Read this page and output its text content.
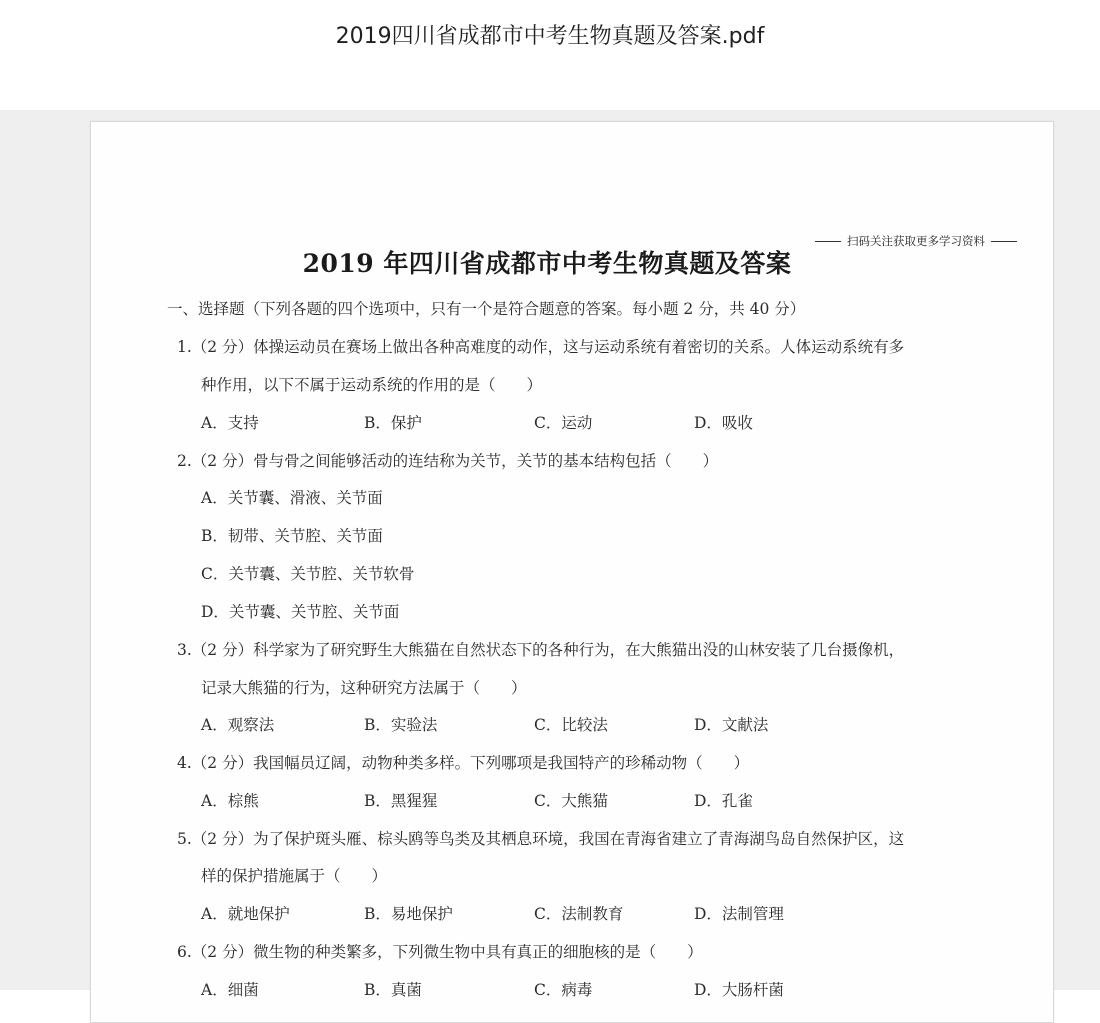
2019四川省成都市中考生物真题及答案.pdf
扫码关注获取更多学习资料
2019 年四川省成都市中考生物真题及答案
一、选择题（下列各题的四个选项中，只有一个是符合题意的答案。每小题 2 分，共 40 分）
1.（2 分）体操运动员在赛场上做出各种高难度的动作，这与运动系统有着密切的关系。人体运动系统有多
种作用，以下不属于运动系统的作用的是（　　）
A．支持	B．保护	C．运动	D．吸收
2.（2 分）骨与骨之间能够活动的连结称为关节，关节的基本结构包括（　　）
A．关节囊、滑液、关节面
B．韧带、关节腔、关节面
C．关节囊、关节腔、关节软骨
D．关节囊、关节腔、关节面
3.（2 分）科学家为了研究野生大熊猫在自然状态下的各种行为，在大熊猫出没的山林安装了几台摄像机，
记录大熊猫的行为，这种研究方法属于（　　）
A．观察法	B．实验法	C．比较法	D．文献法
4.（2 分）我国幅员辽阔，动物种类多样。下列哪项是我国特产的珍稀动物（　　）
A．棕熊	B．黑猩猩	C．大熊猫	D．孔雀
5.（2 分）为了保护斑头雁、棕头鸥等鸟类及其栖息环境，我国在青海省建立了青海湖鸟岛自然保护区，这
样的保护措施属于（　　）
A．就地保护	B．易地保护	C．法制教育	D．法制管理
6.（2 分）微生物的种类繁多，下列微生物中具有真正的细胞核的是（　　）
A．细菌	B．真菌	C．病毒	D．大肠杆菌
